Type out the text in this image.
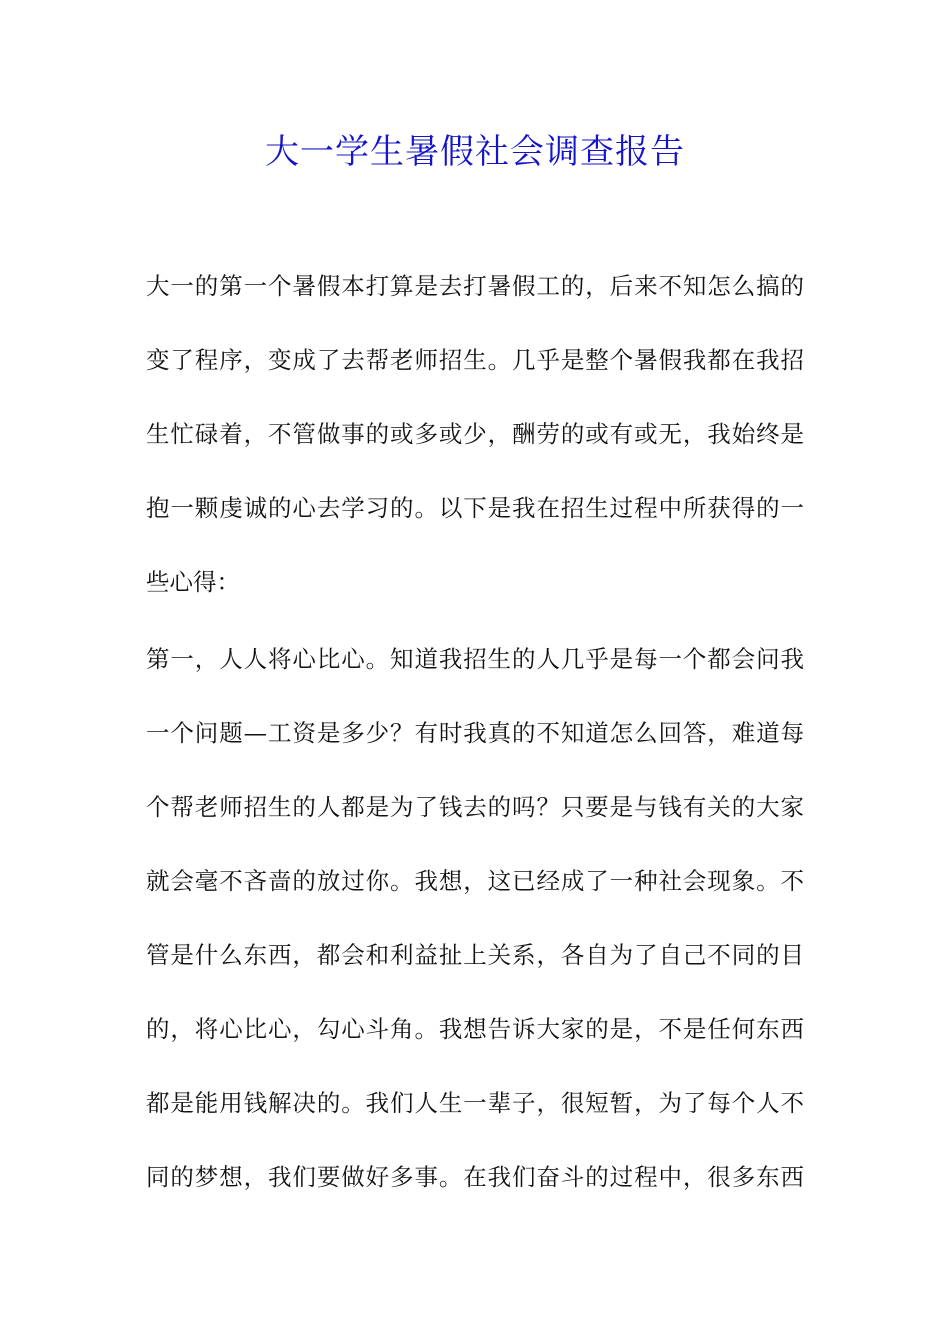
大一学生暑假社会调查报告

大一的第一个暑假本打算是去打暑假工的，后来不知怎么搞的

变了程序，变成了去帮老师招生。几乎是整个暑假我都在我招

生忙碌着，不管做事的或多或少，酬劳的或有或无，我始终是

抱一颗虔诚的心去学习的。以下是我在招生过程中所获得的一

些心得：

第一，人人将心比心。知道我招生的人几乎是每一个都会问我

一个问题—工资是多少？有时我真的不知道怎么回答，难道每

个帮老师招生的人都是为了钱去的吗？只要是与钱有关的大家

就会毫不吝啬的放过你。我想，这已经成了一种社会现象。不

管是什么东西，都会和利益扯上关系，各自为了自己不同的目

的，将心比心，勾心斗角。我想告诉大家的是，不是任何东西

都是能用钱解决的。我们人生一辈子，很短暂，为了每个人不

同的梦想，我们要做好多事。在我们奋斗的过程中，很多东西
